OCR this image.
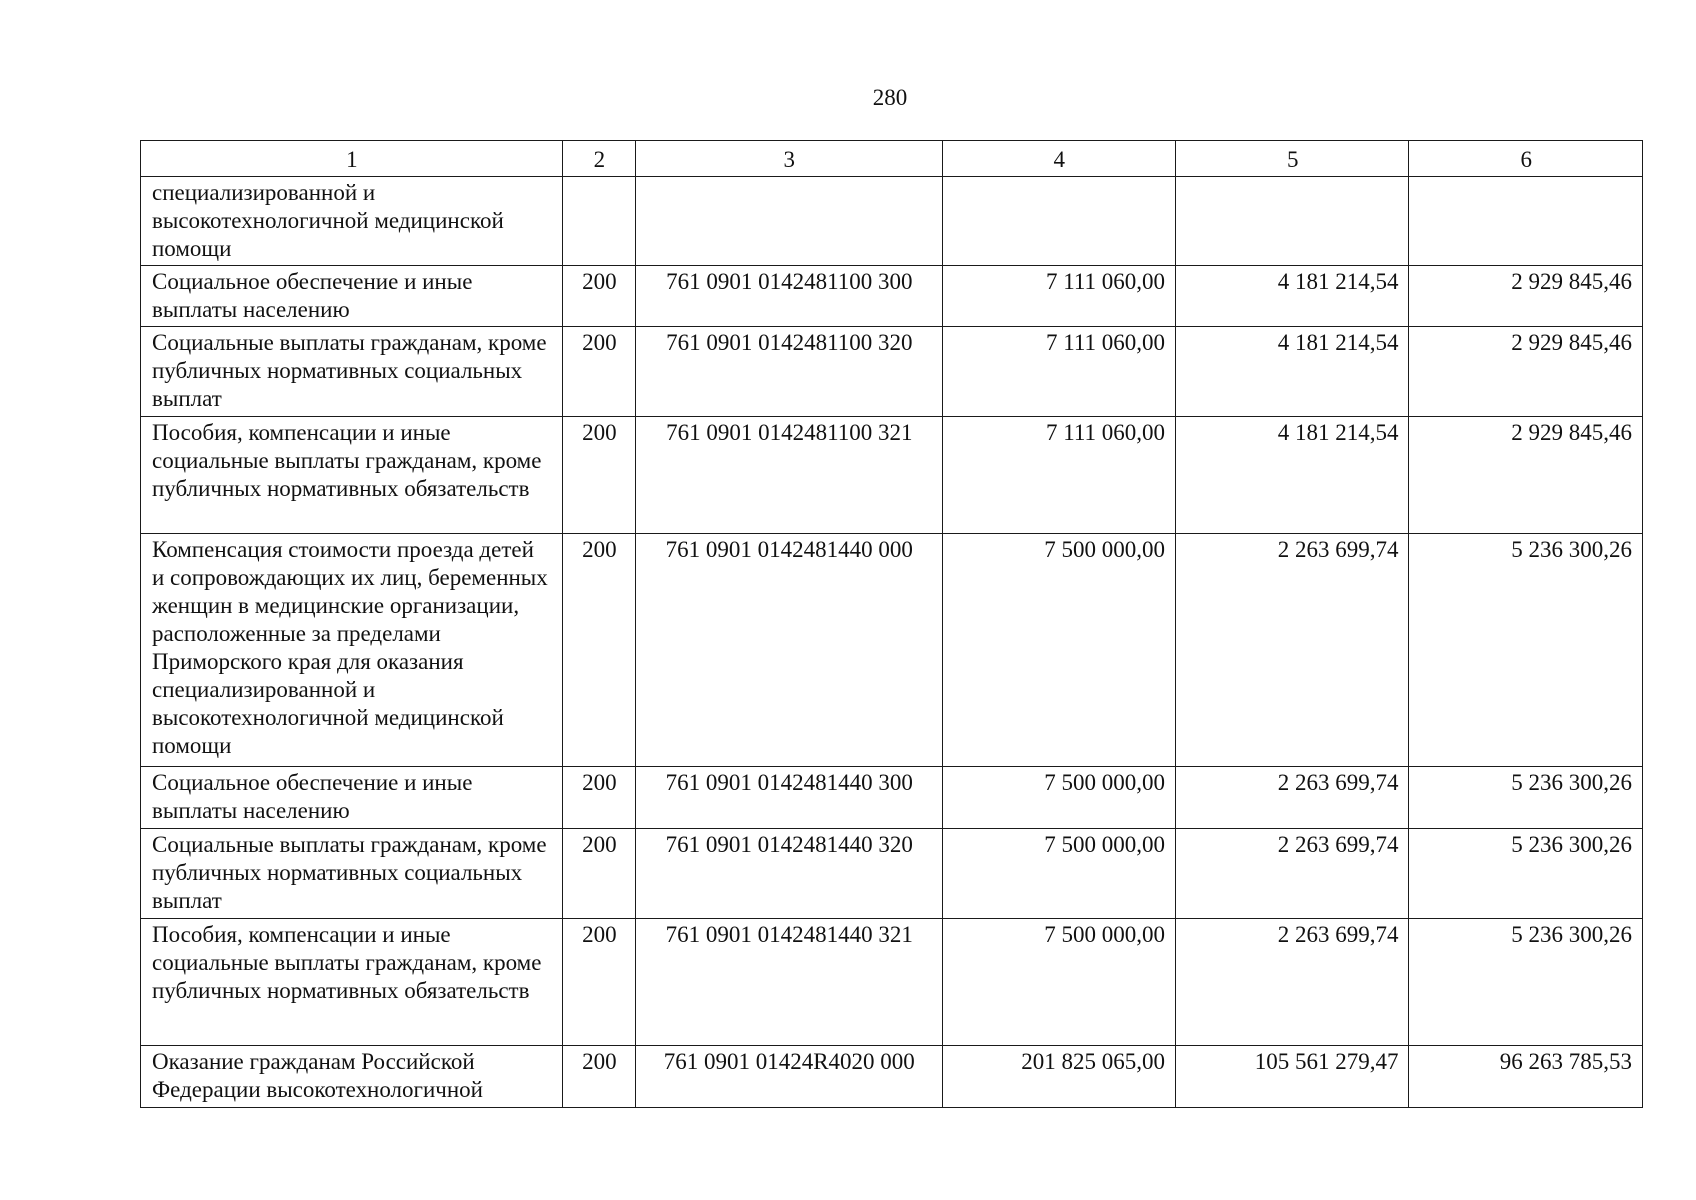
280
1	2	3	4	5	6
специализированной и высокотехнологичной медицинской помощи					
Социальное обеспечение и иные выплаты населению	200	761 0901 0142481100 300	7 111 060,00	4 181 214,54	2 929 845,46
Социальные выплаты гражданам, кроме публичных нормативных социальных выплат	200	761 0901 0142481100 320	7 111 060,00	4 181 214,54	2 929 845,46
Пособия, компенсации и иные социальные выплаты гражданам, кроме публичных нормативных обязательств	200	761 0901 0142481100 321	7 111 060,00	4 181 214,54	2 929 845,46
Компенсация стоимости проезда детей и сопровождающих их лиц, беременных женщин в медицинские организации, расположенные за пределами Приморского края для оказания специализированной и высокотехнологичной медицинской помощи	200	761 0901 0142481440 000	7 500 000,00	2 263 699,74	5 236 300,26
Социальное обеспечение и иные выплаты населению	200	761 0901 0142481440 300	7 500 000,00	2 263 699,74	5 236 300,26
Социальные выплаты гражданам, кроме публичных нормативных социальных выплат	200	761 0901 0142481440 320	7 500 000,00	2 263 699,74	5 236 300,26
Пособия, компенсации и иные социальные выплаты гражданам, кроме публичных нормативных обязательств	200	761 0901 0142481440 321	7 500 000,00	2 263 699,74	5 236 300,26
Оказание гражданам Российской Федерации высокотехнологичной	200	761 0901 01424R4020 000	201 825 065,00	105 561 279,47	96 263 785,53
